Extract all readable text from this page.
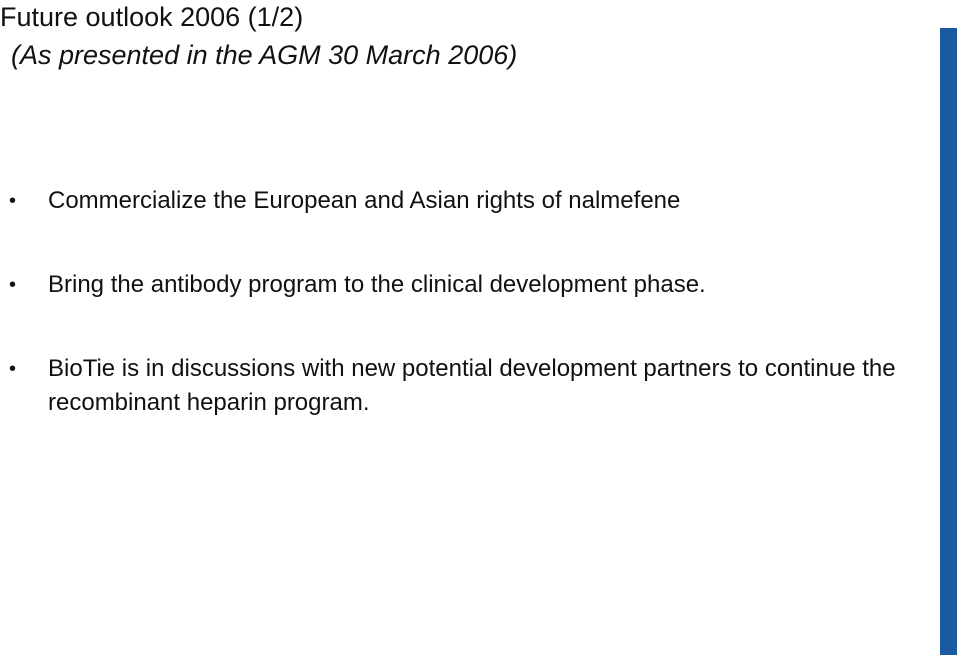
Future outlook 2006 (1/2)
(As presented in the AGM 30 March 2006)
• Commercialize the European and Asian rights of nalmefene
• Bring the antibody program to the clinical development phase.
• BioTie is in discussions with new potential development partners to continue the recombinant heparin program.
